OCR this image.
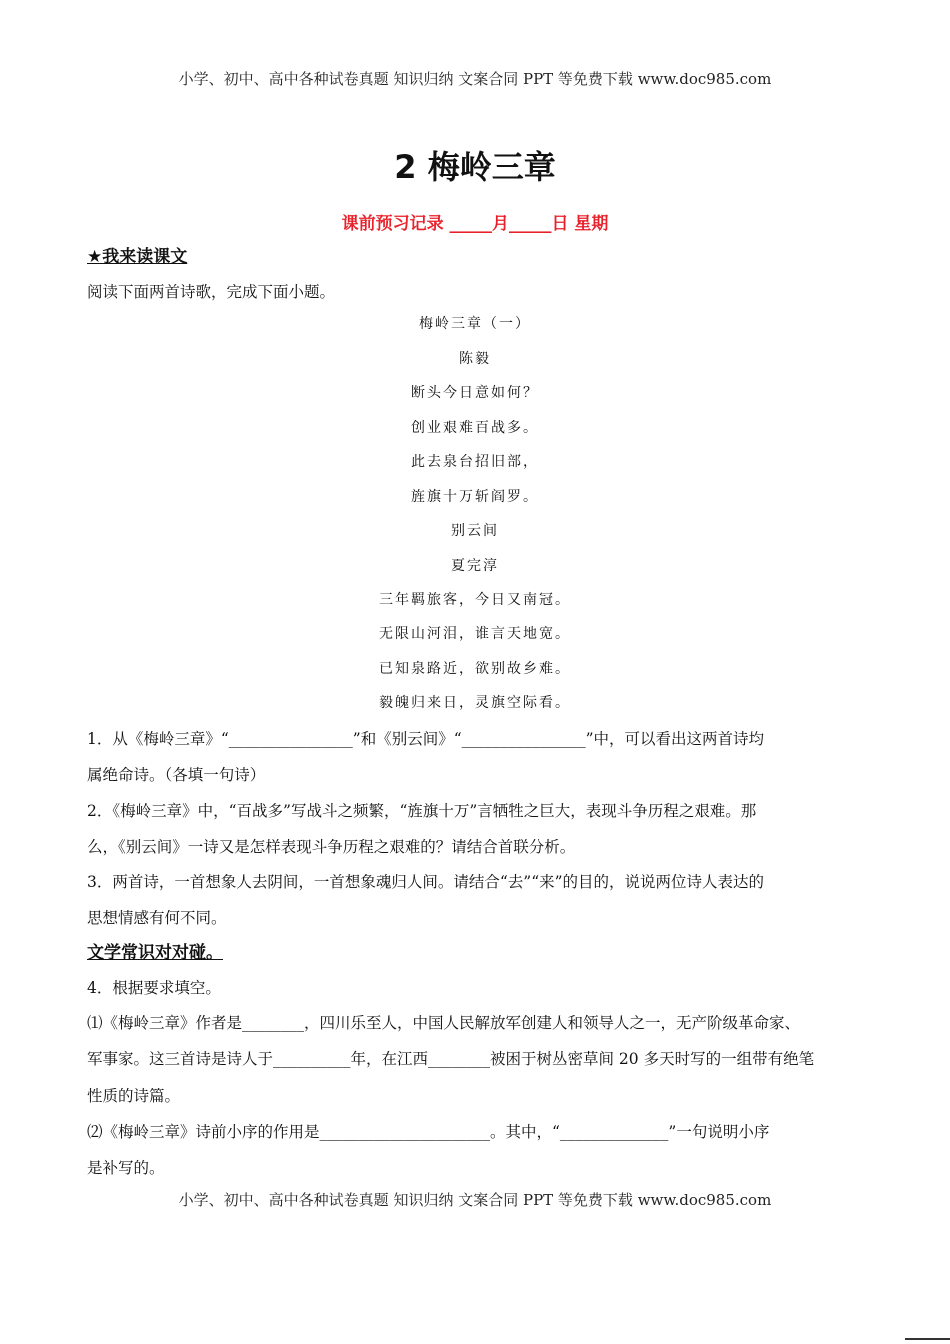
小学、初中、高中各种试卷真题 知识归纳 文案合同 PPT 等免费下载 www.doc985.com
2 梅岭三章
课前预习记录 _____月_____日 星期
★我来读课文
阅读下面两首诗歌，完成下面小题。
梅岭三章（一）
陈毅
断头今日意如何？
创业艰难百战多。
此去泉台招旧部，
旌旗十万斩阎罗。
别云间
夏完淳
三年羁旅客，今日又南冠。
无限山河泪，谁言天地宽。
已知泉路近，欲别故乡难。
毅魄归来日，灵旗空际看。
1．从《梅岭三章》“________________”和《别云间》“________________”中，可以看出这两首诗均
属绝命诗。（各填一句诗）
2．《梅岭三章》中，“百战多”写战斗之频繁，“旌旗十万”言牺牲之巨大，表现斗争历程之艰难。那
么，《别云间》一诗又是怎样表现斗争历程之艰难的？请结合首联分析。
3．两首诗，一首想象人去阴间，一首想象魂归人间。请结合“去”“来”的目的，说说两位诗人表达的
思想情感有何不同。
文学常识对对碰。
4．根据要求填空。
⑴《梅岭三章》作者是________，四川乐至人，中国人民解放军创建人和领导人之一，无产阶级革命家、
军事家。这三首诗是诗人于__________年，在江西________被困于树丛密草间 20 多天时写的一组带有绝笔
性质的诗篇。
⑵《梅岭三章》诗前小序的作用是______________________。其中，“______________”一句说明小序
是补写的。
小学、初中、高中各种试卷真题 知识归纳 文案合同 PPT 等免费下载 www.doc985.com
